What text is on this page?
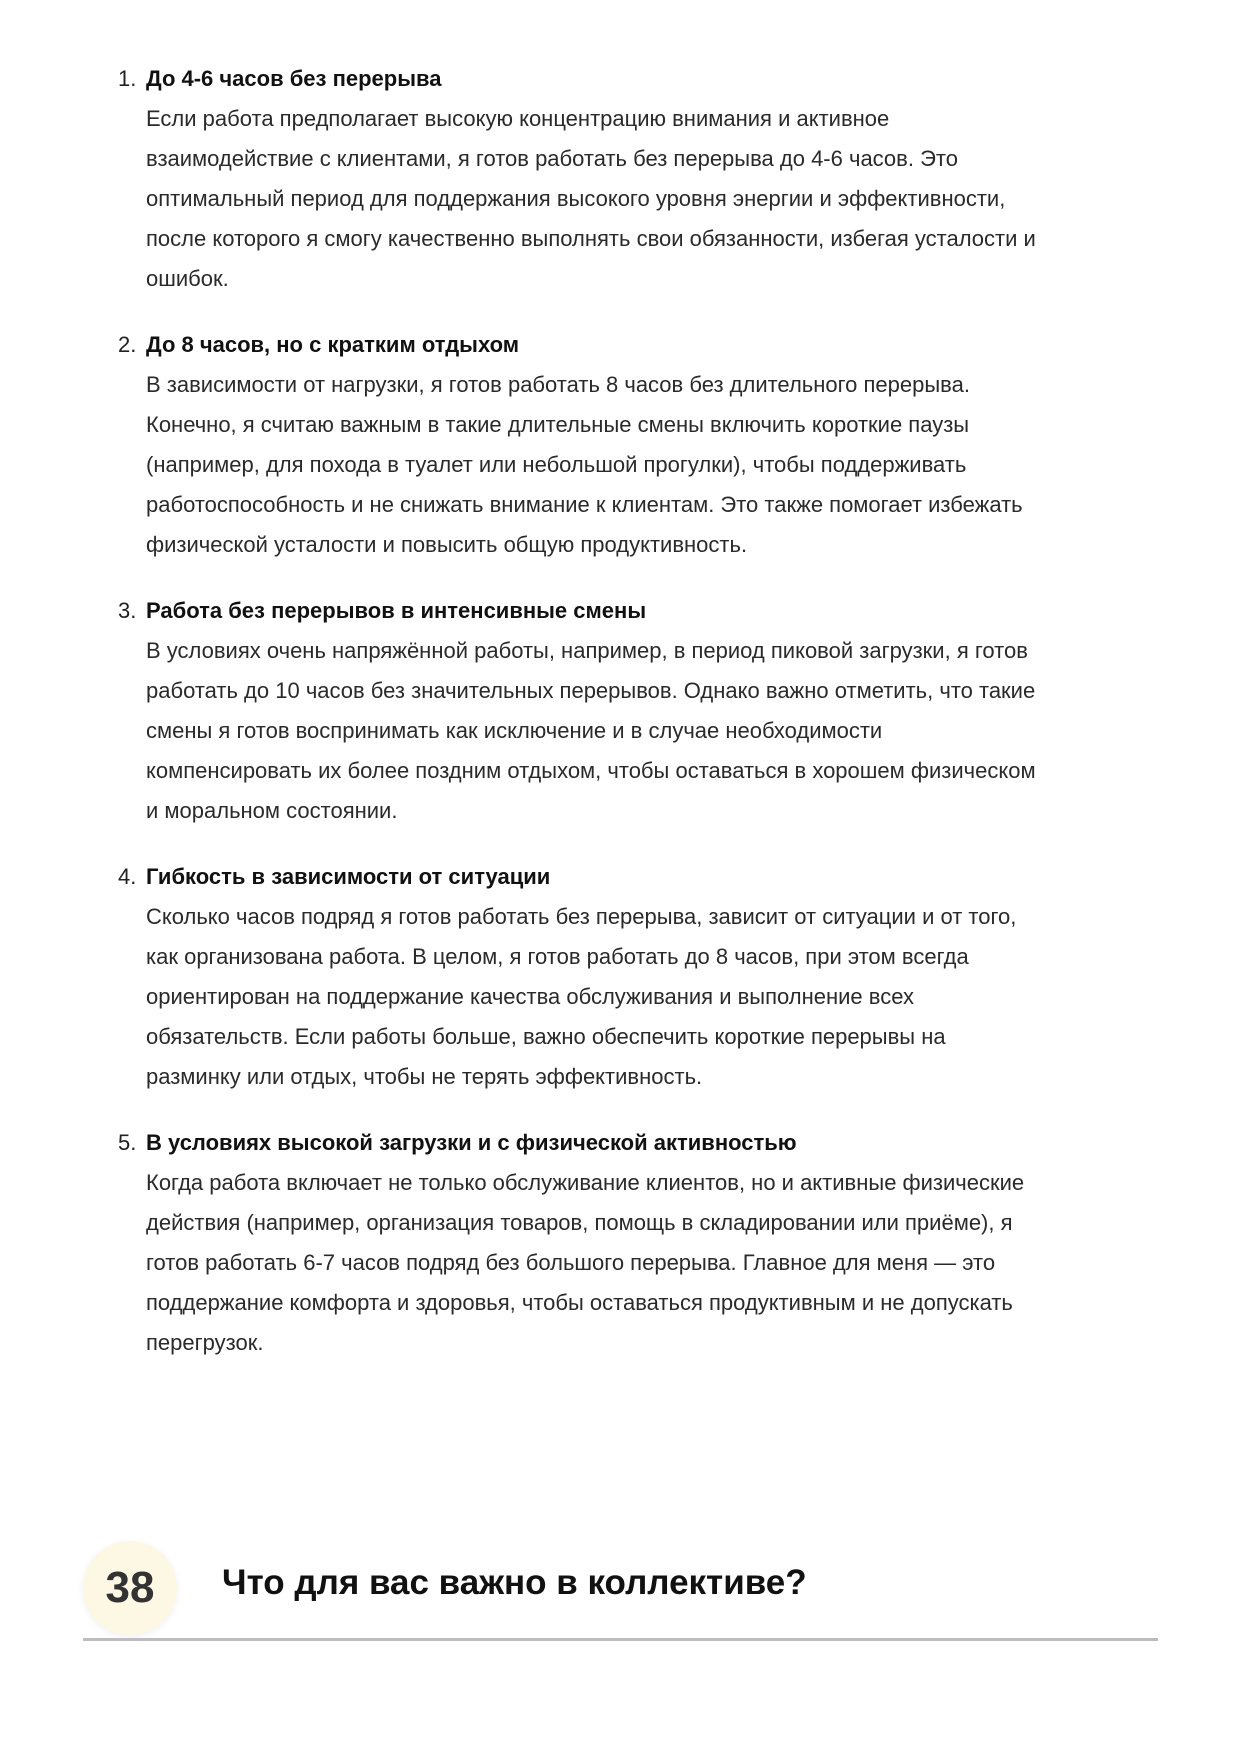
1. До 4-6 часов без перерыва
Если работа предполагает высокую концентрацию внимания и активное
взаимодействие с клиентами, я готов работать без перерыва до 4-6 часов. Это
оптимальный период для поддержания высокого уровня энергии и эффективности,
после которого я смогу качественно выполнять свои обязанности, избегая усталости и
ошибок.
2. До 8 часов, но с кратким отдыхом
В зависимости от нагрузки, я готов работать 8 часов без длительного перерыва.
Конечно, я считаю важным в такие длительные смены включить короткие паузы
(например, для похода в туалет или небольшой прогулки), чтобы поддерживать
работоспособность и не снижать внимание к клиентам. Это также помогает избежать
физической усталости и повысить общую продуктивность.
3. Работа без перерывов в интенсивные смены
В условиях очень напряжённой работы, например, в период пиковой загрузки, я готов
работать до 10 часов без значительных перерывов. Однако важно отметить, что такие
смены я готов воспринимать как исключение и в случае необходимости
компенсировать их более поздним отдыхом, чтобы оставаться в хорошем физическом
и моральном состоянии.
4. Гибкость в зависимости от ситуации
Сколько часов подряд я готов работать без перерыва, зависит от ситуации и от того,
как организована работа. В целом, я готов работать до 8 часов, при этом всегда
ориентирован на поддержание качества обслуживания и выполнение всех
обязательств. Если работы больше, важно обеспечить короткие перерывы на
разминку или отдых, чтобы не терять эффективность.
5. В условиях высокой загрузки и с физической активностью
Когда работа включает не только обслуживание клиентов, но и активные физические
действия (например, организация товаров, помощь в складировании или приёме), я
готов работать 6-7 часов подряд без большого перерыва. Главное для меня — это
поддержание комфорта и здоровья, чтобы оставаться продуктивным и не допускать
перегрузок.
38	Что для вас важно в коллективе?
